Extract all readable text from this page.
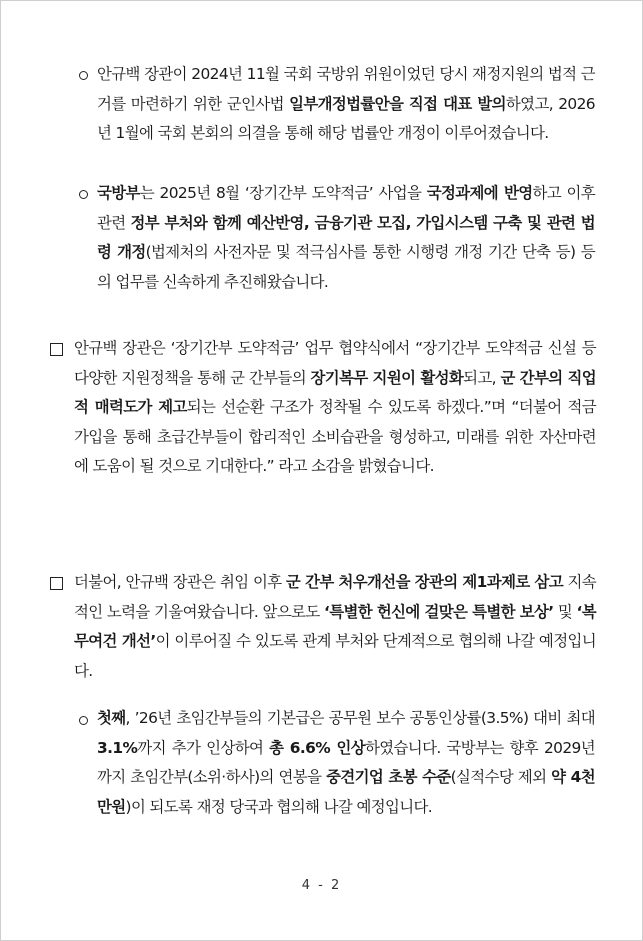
안규백 장관이 2024년 11월 국회 국방위 위원이었던 당시 재정지원의 법적 근거를 마련하기 위한 군인사법 일부개정법률안을 직접 대표 발의하였고, 2026년 1월에 국회 본회의 의결을 통해 해당 법률안 개정이 이루어졌습니다.

국방부는 2025년 8월 ‘장기간부 도약적금’ 사업을 국정과제에 반영하고 이후 관련 정부 부처와 함께 예산반영, 금융기관 모집, 가입시스템 구축 및 관련 법령 개정(법제처의 사전자문 및 적극심사를 통한 시행령 개정 기간 단축 등) 등의 업무를 신속하게 추진해왔습니다.

안규백 장관은 ‘장기간부 도약적금’ 업무 협약식에서 “장기간부 도약적금 신설 등 다양한 지원정책을 통해 군 간부들의 장기복무 지원이 활성화되고, 군 간부의 직업적 매력도가 제고되는 선순환 구조가 정착될 수 있도록 하겠다.”며 “더불어 적금 가입을 통해 초급간부들이 합리적인 소비습관을 형성하고, 미래를 위한 자산마련에 도움이 될 것으로 기대한다.” 라고 소감을 밝혔습니다.

더불어, 안규백 장관은 취임 이후 군 간부 처우개선을 장관의 제1과제로 삼고 지속적인 노력을 기울여왔습니다. 앞으로도 ‘특별한 헌신에 걸맞은 특별한 보상’ 및 ‘복무여건 개선’이 이루어질 수 있도록 관계 부처와 단계적으로 협의해 나갈 예정입니다.

첫째, ’26년 초임간부들의 기본급은 공무원 보수 공통인상률(3.5%) 대비 최대 3.1%까지 추가 인상하여 총 6.6% 인상하였습니다. 국방부는 향후 2029년까지 초임간부(소위·하사)의 연봉을 중견기업 초봉 수준(실적수당 제외 약 4천만원)이 되도록 재정 당국과 협의해 나갈 예정입니다.

4 - 2
